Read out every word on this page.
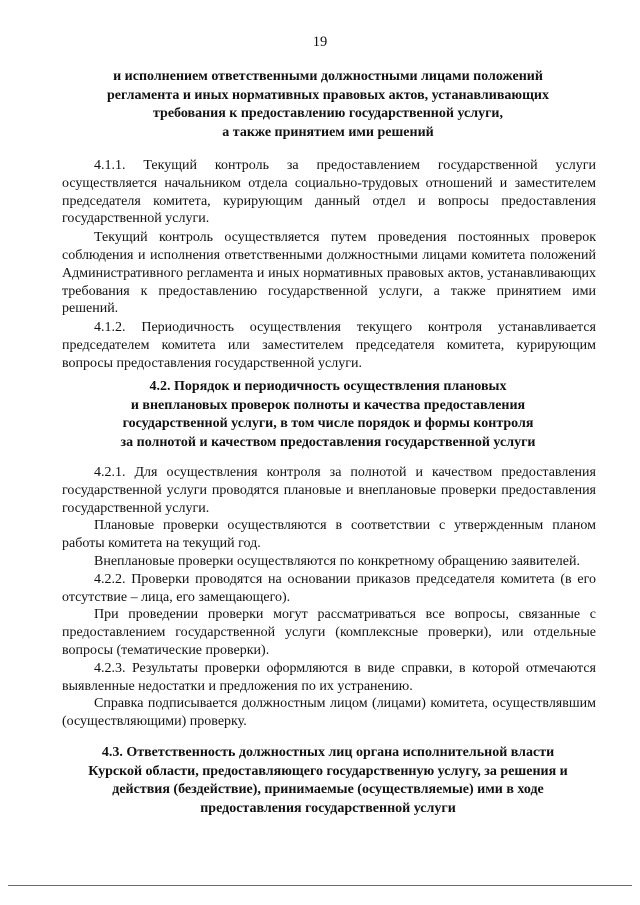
19
и исполнением ответственными должностными лицами положений
регламента и иных нормативных правовых актов, устанавливающих
требования к предоставлению государственной услуги,
а также принятием ими решений

4.1.1. Текущий контроль за предоставлением государственной услуги осуществляется начальником отдела социально-трудовых отношений и заместителем председателя комитета, курирующим данный отдел и вопросы предоставления государственной услуги.

Текущий контроль осуществляется путем проведения постоянных проверок соблюдения и исполнения ответственными должностными лицами комитета положений Административного регламента и иных нормативных правовых актов, устанавливающих требования к предоставлению государственной услуги, а также принятием ими решений.

4.1.2. Периодичность осуществления текущего контроля устанавливается председателем комитета или заместителем председателя комитета, курирующим вопросы предоставления государственной услуги.

4.2. Порядок и периодичность осуществления плановых
и внеплановых проверок полноты и качества предоставления
государственной услуги, в том числе порядок и формы контроля
за полнотой и качеством предоставления государственной услуги

4.2.1. Для осуществления контроля за полнотой и качеством предоставления государственной услуги проводятся плановые и внеплановые проверки предоставления государственной услуги.

Плановые проверки осуществляются в соответствии с утвержденным планом работы комитета на текущий год.

Внеплановые проверки осуществляются по конкретному обращению заявителей.

4.2.2. Проверки проводятся на основании приказов председателя комитета (в его отсутствие – лица, его замещающего).

При проведении проверки могут рассматриваться все вопросы, связанные с предоставлением государственной услуги (комплексные проверки), или отдельные вопросы (тематические проверки).

4.2.3. Результаты проверки оформляются в виде справки, в которой отмечаются выявленные недостатки и предложения по их устранению.

Справка подписывается должностным лицом (лицами) комитета, осуществлявшим (осуществляющими) проверку.

4.3. Ответственность должностных лиц органа исполнительной власти
Курской области, предоставляющего государственную услугу, за решения и
действия (бездействие), принимаемые (осуществляемые) ими в ходе
предоставления государственной услуги
